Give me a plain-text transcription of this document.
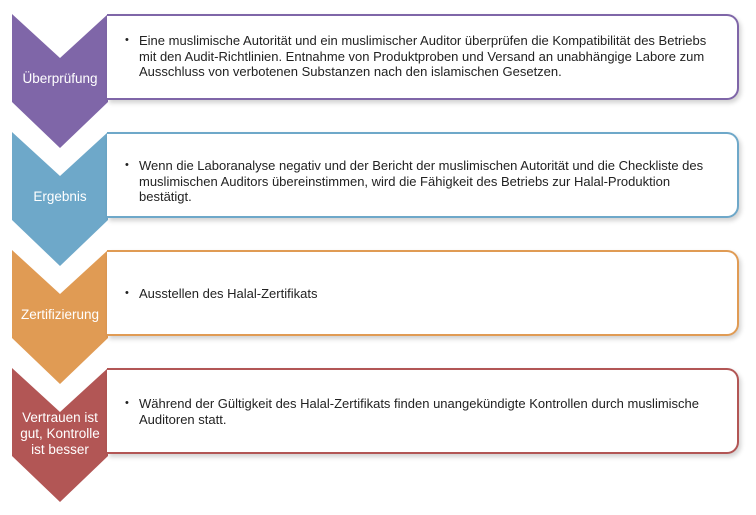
Überprüfung
• Eine muslimische Autorität und ein muslimischer Auditor überprüfen die Kompatibilität des Betriebs mit den Audit-Richtlinien. Entnahme von Produktproben und Versand an unabhängige Labore zum Ausschluss von verbotenen Substanzen nach den islamischen Gesetzen.
Ergebnis
• Wenn die Laboranalyse negativ und der Bericht der muslimischen Autorität und die Checkliste des muslimischen Auditors übereinstimmen, wird die Fähigkeit des Betriebs zur Halal-Produktion bestätigt.
Zertifizierung
• Ausstellen des Halal-Zertifikats
Vertrauen ist gut, Kontrolle ist besser
• Während der Gültigkeit des Halal-Zertifikats finden unangekündigte Kontrollen durch muslimische Auditoren statt.
